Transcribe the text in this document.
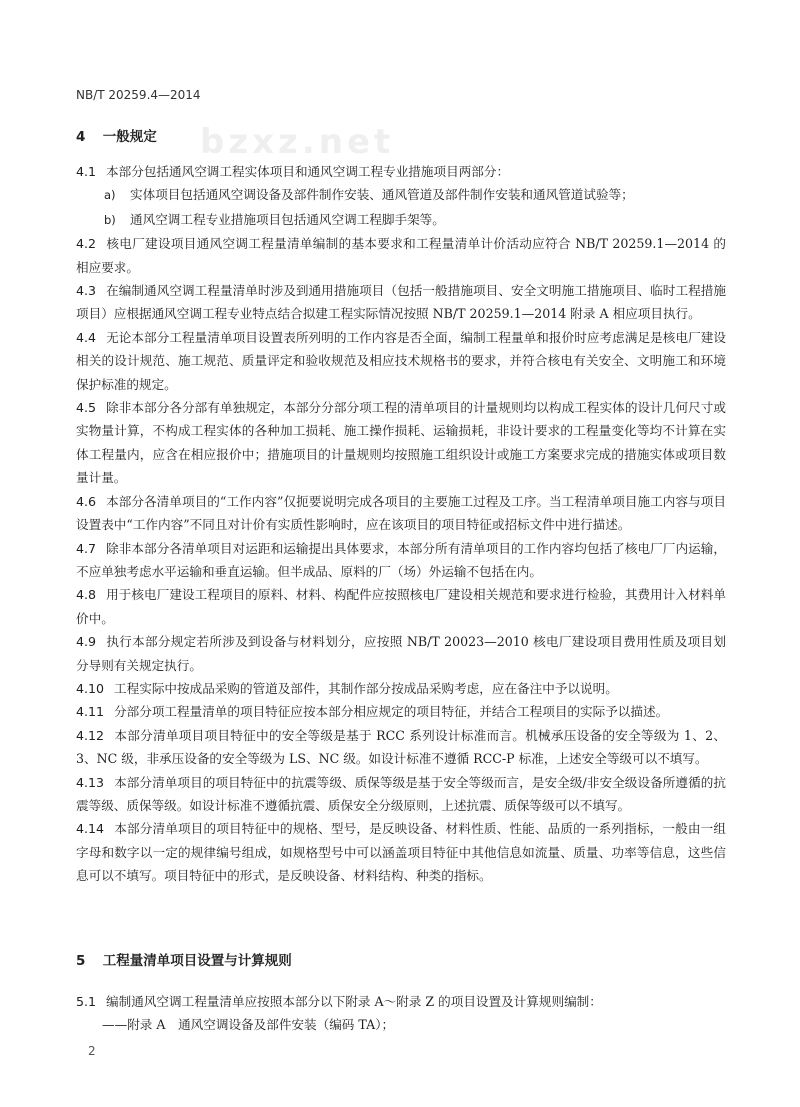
bzxz.net
NB/T 20259.4—2014
4 一般规定

4.1 本部分包括通风空调工程实体项目和通风空调工程专业措施项目两部分：

a) 实体项目包括通风空调设备及部件制作安装、通风管道及部件制作安装和通风管道试验等；

b) 通风空调工程专业措施项目包括通风空调工程脚手架等。

4.2 核电厂建设项目通风空调工程量清单编制的基本要求和工程量清单计价活动应符合 NB/T 20259.1—2014 的相应要求。

4.3 在编制通风空调工程量清单时涉及到通用措施项目（包括一般措施项目、安全文明施工措施项目、临时工程措施项目）应根据通风空调工程专业特点结合拟建工程实际情况按照 NB/T 20259.1—2014 附录 A 相应项目执行。

4.4 无论本部分工程量清单项目设置表所列明的工作内容是否全面，编制工程量单和报价时应考虑满足是核电厂建设相关的设计规范、施工规范、质量评定和验收规范及相应技术规格书的要求，并符合核电有关安全、文明施工和环境保护标准的规定。

4.5 除非本部分各分部有单独规定，本部分分部分项工程的清单项目的计量规则均以构成工程实体的设计几何尺寸或实物量计算，不构成工程实体的各种加工损耗、施工操作损耗、运输损耗，非设计要求的工程量变化等均不计算在实体工程量内，应含在相应报价中；措施项目的计量规则均按照施工组织设计或施工方案要求完成的措施实体或项目数量计量。

4.6 本部分各清单项目的“工作内容”仅扼要说明完成各项目的主要施工过程及工序。当工程清单项目施工内容与项目设置表中“工作内容”不同且对计价有实质性影响时，应在该项目的项目特征或招标文件中进行描述。

4.7 除非本部分各清单项目对运距和运输提出具体要求，本部分所有清单项目的工作内容均包括了核电厂厂内运输，不应单独考虑水平运输和垂直运输。但半成品、原料的厂（场）外运输不包括在内。

4.8 用于核电厂建设工程项目的原料、材料、构配件应按照核电厂建设相关规范和要求进行检验，其费用计入材料单价中。

4.9 执行本部分规定若所涉及到设备与材料划分，应按照 NB/T 20023—2010 核电厂建设项目费用性质及项目划分导则有关规定执行。

4.10 工程实际中按成品采购的管道及部件，其制作部分按成品采购考虑，应在备注中予以说明。

4.11 分部分项工程量清单的项目特征应按本部分相应规定的项目特征，并结合工程项目的实际予以描述。

4.12 本部分清单项目项目特征中的安全等级是基于 RCC 系列设计标准而言。机械承压设备的安全等级为 1、2、3、NC 级，非承压设备的安全等级为 LS、NC 级。如设计标准不遵循 RCC-P 标准，上述安全等级可以不填写。

4.13 本部分清单项目的项目特征中的抗震等级、质保等级是基于安全等级而言，是安全级/非安全级设备所遵循的抗震等级、质保等级。如设计标准不遵循抗震、质保安全分级原则，上述抗震、质保等级可以不填写。

4.14 本部分清单项目的项目特征中的规格、型号，是反映设备、材料性质、性能、品质的一系列指标，一般由一组字母和数字以一定的规律编号组成，如规格型号中可以涵盖项目特征中其他信息如流量、质量、功率等信息，这些信息可以不填写。项目特征中的形式，是反映设备、材料结构、种类的指标。

5 工程量清单项目设置与计算规则

5.1 编制通风空调工程量清单应按照本部分以下附录 A～附录 Z 的项目设置及计算规则编制：

——附录 A　通风空调设备及部件安装（编码 TA）；

2
